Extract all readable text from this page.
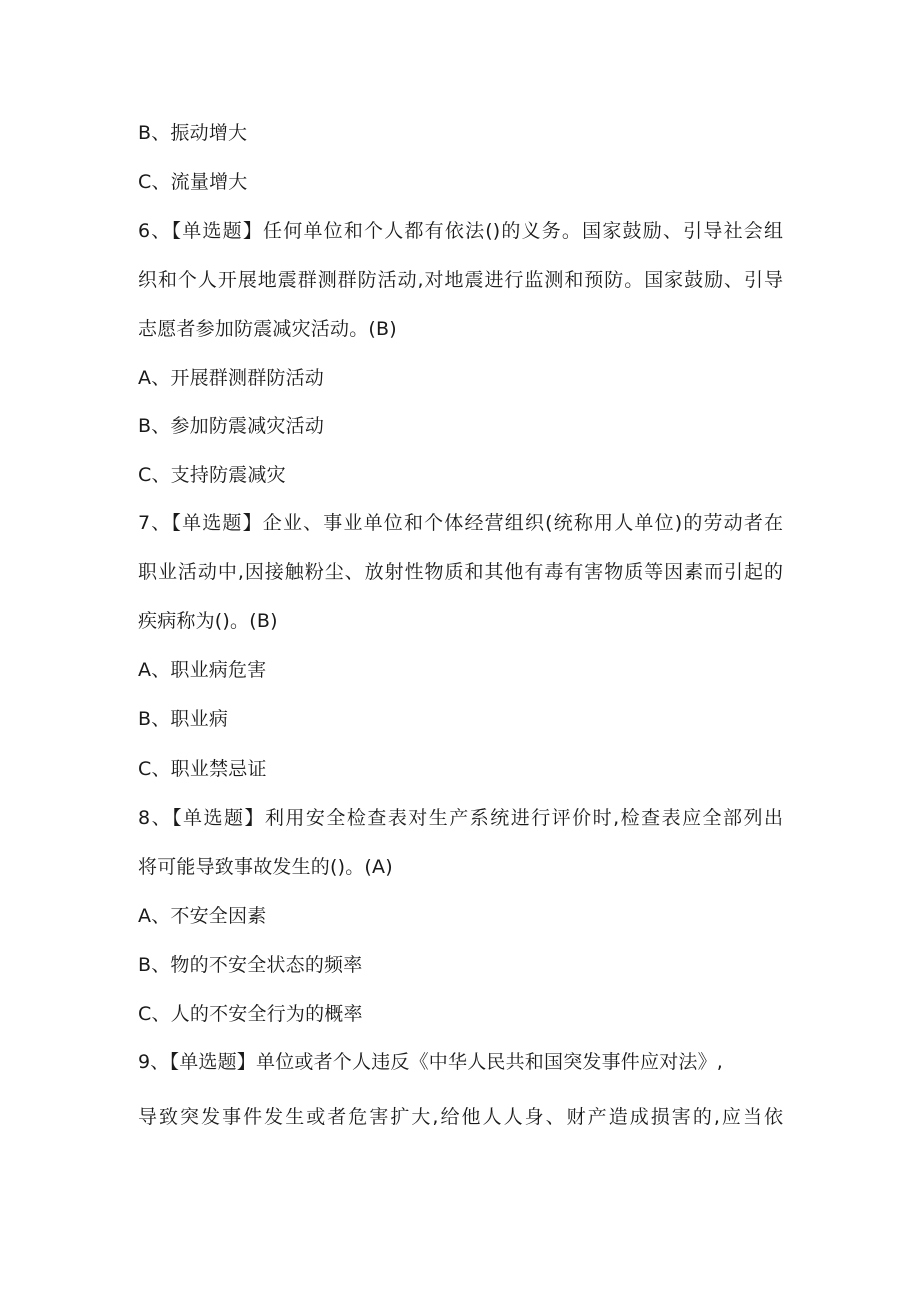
B、振动增大
C、流量增大
6、【单选题】任何单位和个人都有依法()的义务。国家鼓励、引导社会组
织和个人开展地震群测群防活动,对地震进行监测和预防。国家鼓励、引导
志愿者参加防震减灾活动。(B)
A、开展群测群防活动
B、参加防震减灾活动
C、支持防震减灾
7、【单选题】企业、事业单位和个体经营组织(统称用人单位)的劳动者在
职业活动中,因接触粉尘、放射性物质和其他有毒有害物质等因素而引起的
疾病称为()。(B)
A、职业病危害
B、职业病
C、职业禁忌证
8、【单选题】利用安全检查表对生产系统进行评价时,检查表应全部列出
将可能导致事故发生的()。(A)
A、不安全因素
B、物的不安全状态的频率
C、人的不安全行为的概率
9、【单选题】单位或者个人违反《中华人民共和国突发事件应对法》,
导致突发事件发生或者危害扩大,给他人人身、财产造成损害的,应当依
